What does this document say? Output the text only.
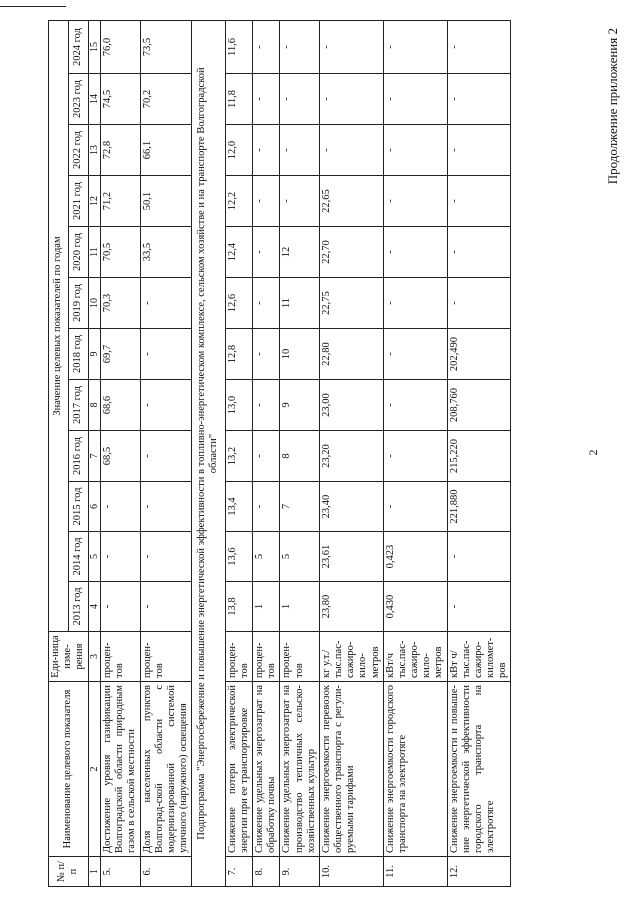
2
Продолжение приложения 2
№ п/п	Наименование целевого показателя	Еди-ница изме-рения	Значение целевых показателей по годам											
			2013 год	2014 год	2015 год	2016 год	2017 год	2018 год	2019 год	2020 год	2021 год	2022 год	2023 год	2024 год
1	2	3	4	5	6	7	8	9	10	11	12	13	14	15
5.	Достижение уровня газификации Волгоградской области природным газом в сельской местности	процен-тов	-	-	-	68,5	68,6	69,7	70,3	70,5	71,2	72,8	74,5	76,0
6.	Доля населенных пунктов Волгоград-ской области с модернизированной системой уличного (наружного) освещения	процен-тов	-	-	-	-	-	-	-	33,5	50,1	66,1	70,2	73,5
Подпрограмма "Энергосбережение и повышение энергетической эффективности в топливно-энергетическом комплексе, сельском хозяйстве и на транспорте Волгоградской области"														
7.	Снижение потери электрической энергии при ее транспортировке	процен-тов	13,8	13,6	13,4	13,2	13,0	12,8	12,6	12,4	12,2	12,0	11,8	11,6
8.	Снижение удельных энергозатрат на обработку почвы	процен-тов	1	5	-	-	-	-	-	-	-	-	-	-
9.	Снижение удельных энергозатрат на производство тепличных сельско-хозяйственных культур	процен-тов	1	5	7	8	9	10	11	12	-	-	-	-
10.	Снижение энергоемкости перевозок общественного транспорта с регули-руемыми тарифами	кг у.т./ тыс.пас-сажиро-кило-метров	23,80	23,61	23,40	23,20	23,00	22,80	22,75	22,70	22,65	-	-	-
11.	Снижение энергоемкости городского транспорта на электротяге	кВт/ч тыс.пас-сажиро-кило-метров	0,430	0,423	-	-	-	-	-	-	-	-	-	-
12.	Снижение энергоемкости и повыше-ние энергетической эффективности городского транспорта на электротяге	кВт ч/ тыс.пас-сажиро-километ-ров	-	-	221,880	215,220	208,760	202,490	-	-	-	-	-	-
